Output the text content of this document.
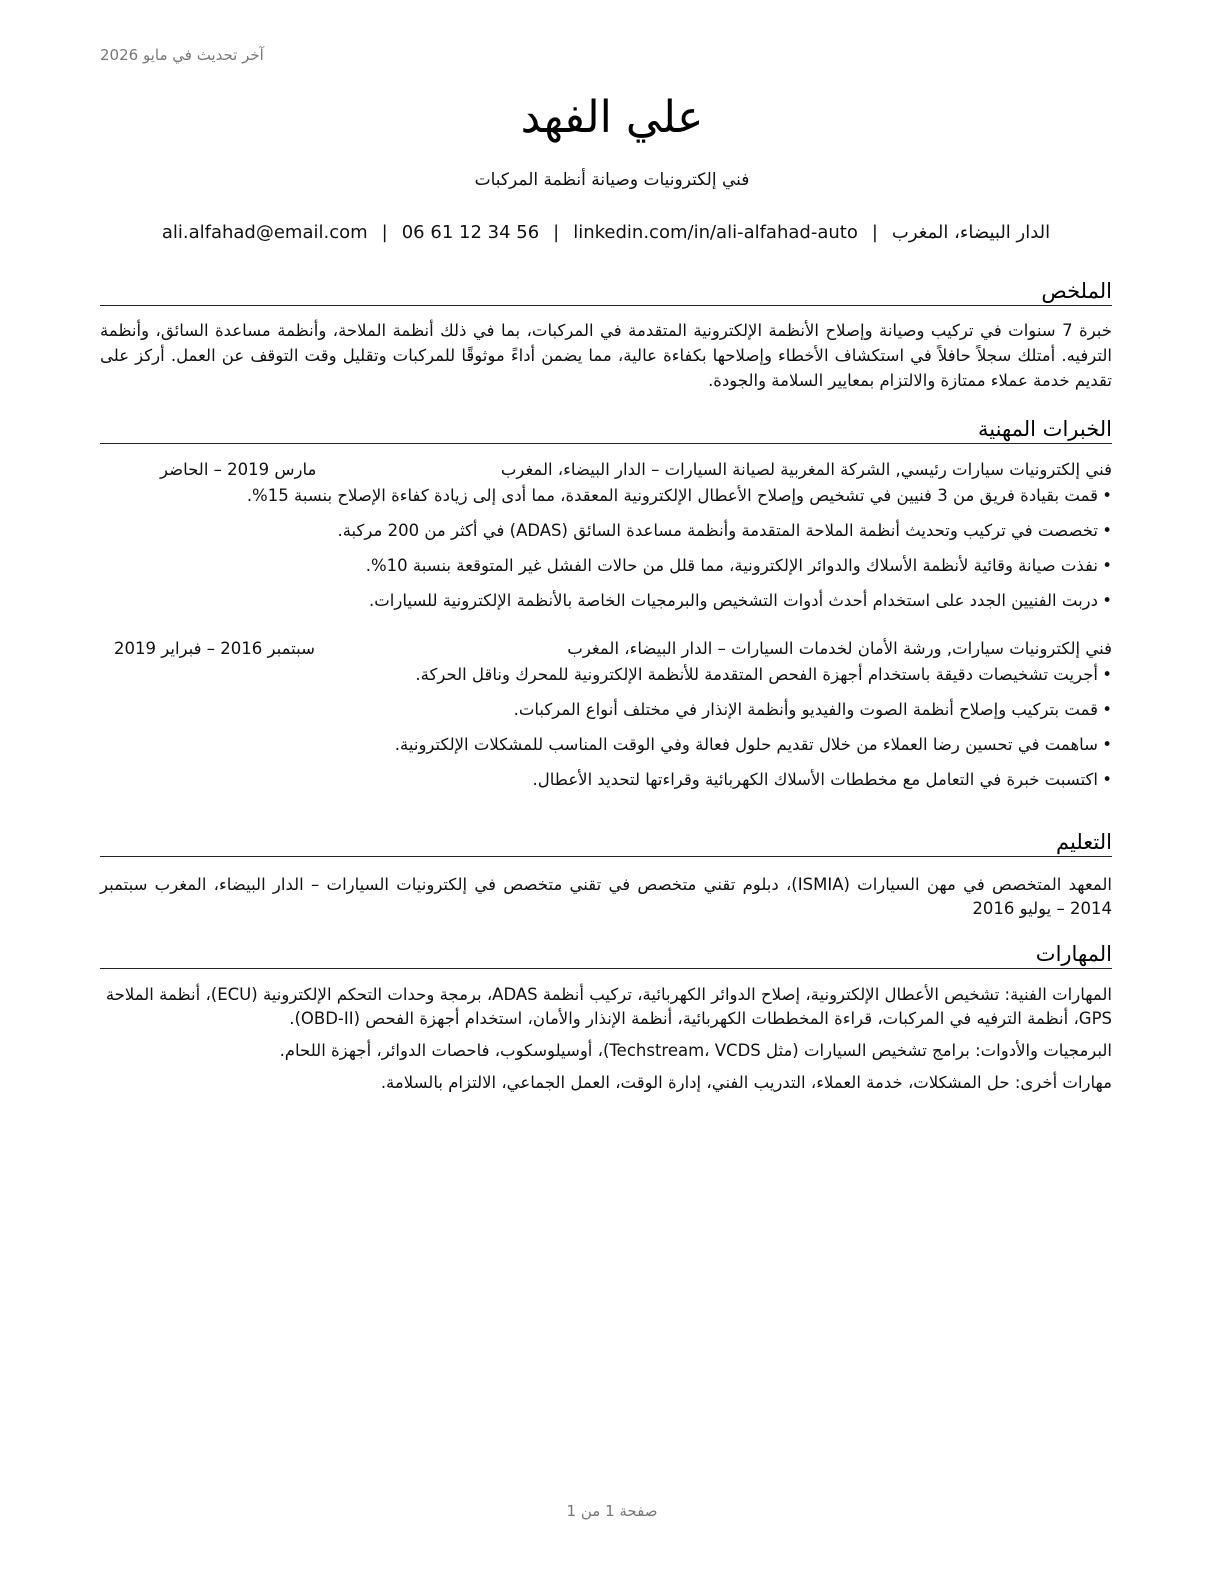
آخر تحديث في مايو 2026
علي الفهد
فني إلكترونيات وصيانة أنظمة المركبات
الدار البيضاء، المغرب|ali.alfahad@email.com | 06 61 12 34 56 | linkedin.com/in/ali-alfahad-auto
الملخص
خبرة 7 سنوات في تركيب وصيانة وإصلاح الأنظمة الإلكترونية المتقدمة في المركبات، بما في ذلك أنظمة الملاحة، وأنظمة مساعدة السائق، وأنظمة الترفيه. أمتلك سجلاً حافلاً في استكشاف الأخطاء وإصلاحها بكفاءة عالية، مما يضمن أداءً موثوقًا للمركبات وتقليل وقت التوقف عن العمل. أركز على تقديم خدمة عملاء ممتازة والالتزام بمعايير السلامة والجودة.
الخبرات المهنية
فني إلكترونيات سيارات رئيسي, الشركة المغربية لصيانة السيارات – الدار البيضاء، المغرب
مارس 2019 – الحاضر
• قمت بقيادة فريق من 3 فنيين في تشخيص وإصلاح الأعطال الإلكترونية المعقدة، مما أدى إلى زيادة كفاءة الإصلاح بنسبة 15%.
• تخصصت في تركيب وتحديث أنظمة الملاحة المتقدمة وأنظمة مساعدة السائق (ADAS) في أكثر من 200 مركبة.
• نفذت صيانة وقائية لأنظمة الأسلاك والدوائر الإلكترونية، مما قلل من حالات الفشل غير المتوقعة بنسبة 10%.
• دربت الفنيين الجدد على استخدام أحدث أدوات التشخيص والبرمجيات الخاصة بالأنظمة الإلكترونية للسيارات.
فني إلكترونيات سيارات, ورشة الأمان لخدمات السيارات – الدار البيضاء، المغرب
سبتمبر 2016 – فبراير 2019
• أجريت تشخيصات دقيقة باستخدام أجهزة الفحص المتقدمة للأنظمة الإلكترونية للمحرك وناقل الحركة.
• قمت بتركيب وإصلاح أنظمة الصوت والفيديو وأنظمة الإنذار في مختلف أنواع المركبات.
• ساهمت في تحسين رضا العملاء من خلال تقديم حلول فعالة وفي الوقت المناسب للمشكلات الإلكترونية.
• اكتسبت خبرة في التعامل مع مخططات الأسلاك الكهربائية وقراءتها لتحديد الأعطال.
التعليم
المعهد المتخصص في مهن السيارات (ISMIA)، دبلوم تقني متخصص في تقني متخصص في إلكترونيات السيارات – الدار البيضاء، المغرب سبتمبر 2014 – يوليو 2016
المهارات
المهارات الفنية: تشخيص الأعطال الإلكترونية، إصلاح الدوائر الكهربائية، تركيب أنظمة ADAS، برمجة وحدات التحكم الإلكترونية (ECU)، أنظمة الملاحة GPS، أنظمة الترفيه في المركبات، قراءة المخططات الكهربائية، أنظمة الإنذار والأمان، استخدام أجهزة الفحص (OBD-II).
البرمجيات والأدوات: برامج تشخيص السيارات (مثل Techstream، VCDS)، أوسيلوسكوب، فاحصات الدوائر، أجهزة اللحام.
مهارات أخرى: حل المشكلات، خدمة العملاء، التدريب الفني، إدارة الوقت، العمل الجماعي، الالتزام بالسلامة.
صفحة 1 من 1
